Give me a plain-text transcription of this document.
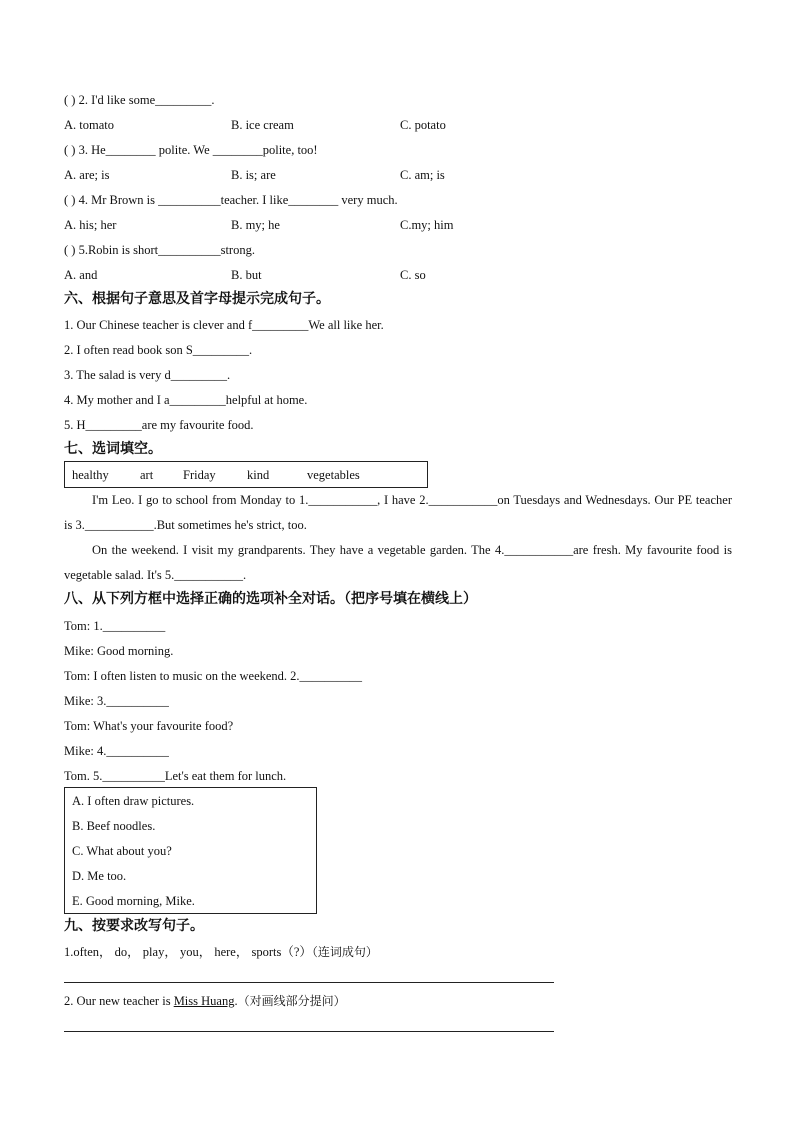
( ) 2. I'd like some_________.
A. tomato	B. ice cream	C. potato
( ) 3. He________ polite. We ________polite, too!
A. are; is	B. is; are	C. am; is
( ) 4. Mr Brown is __________teacher. I like________ very much.
A. his; her	B. my; he	C.my; him
( ) 5.Robin is short__________strong.
A. and	B. but	C. so
六、根据句子意思及首字母提示完成句子。
1. Our Chinese teacher is clever and f_________We all like her.
2. I often read book son S_________.
3. The salad is very d_________.
4. My mother and I a_________helpful at home.
5. H_________are my favourite food.
七、选词填空。
healthy art Friday	kind	vegetables
I'm Leo. I go to school from Monday to 1.___________, I have 2.___________on Tuesdays and Wednesdays. Our PE teacher is 3.___________.But sometimes he's strict, too.
On the weekend. I visit my grandparents. They have a vegetable garden. The 4.___________are fresh. My favourite food is vegetable salad. It's 5.___________.
八、从下列方框中选择正确的选项补全对话。（把序号填在横线上）
Tom: 1.__________
Mike: Good morning.
Tom: I often listen to music on the weekend. 2.__________
Mike: 3.__________
Tom: What's your favourite food?
Mike: 4.__________
Tom. 5.__________Let's eat them for lunch.
A. I often draw pictures.
B. Beef noodles.
C. What about you?
D. Me too.
E. Good morning, Mike.
九、按要求改写句子。
1.often， do， play， you， here， sports（?）（连词成句）
2. Our new teacher is Miss Huang.（对画线部分提问）
